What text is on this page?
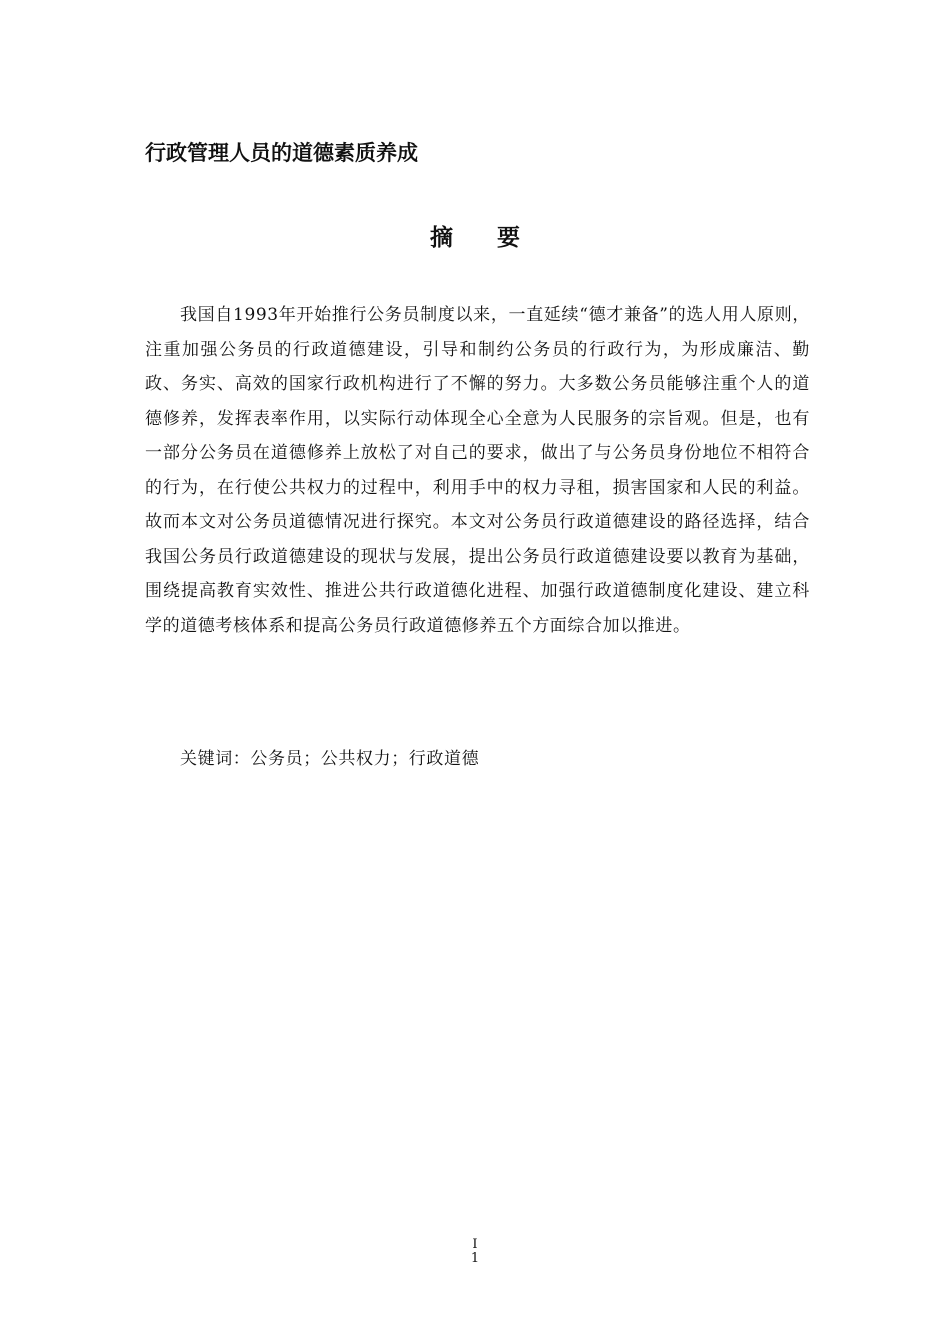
行政管理人员的道德素质养成
摘 要

我国自1993年开始推行公务员制度以来，一直延续“德才兼备”的选人用人原则，注重加强公务员的行政道德建设，引导和制约公务员的行政行为，为形成廉洁、勤政、务实、高效的国家行政机构进行了不懈的努力。大多数公务员能够注重个人的道德修养，发挥表率作用，以实际行动体现全心全意为人民服务的宗旨观。但是，也有一部分公务员在道德修养上放松了对自己的要求，做出了与公务员身份地位不相符合的行为，在行使公共权力的过程中，利用手中的权力寻租，损害国家和人民的利益。故而本文对公务员道德情况进行探究。本文对公务员行政道德建设的路径选择，结合我国公务员行政道德建设的现状与发展，提出公务员行政道德建设要以教育为基础，围绕提高教育实效性、推进公共行政道德化进程、加强行政道德制度化建设、建立科学的道德考核体系和提高公务员行政道德修养五个方面综合加以推进。

关键词：公务员；公共权力；行政道德

I
1
